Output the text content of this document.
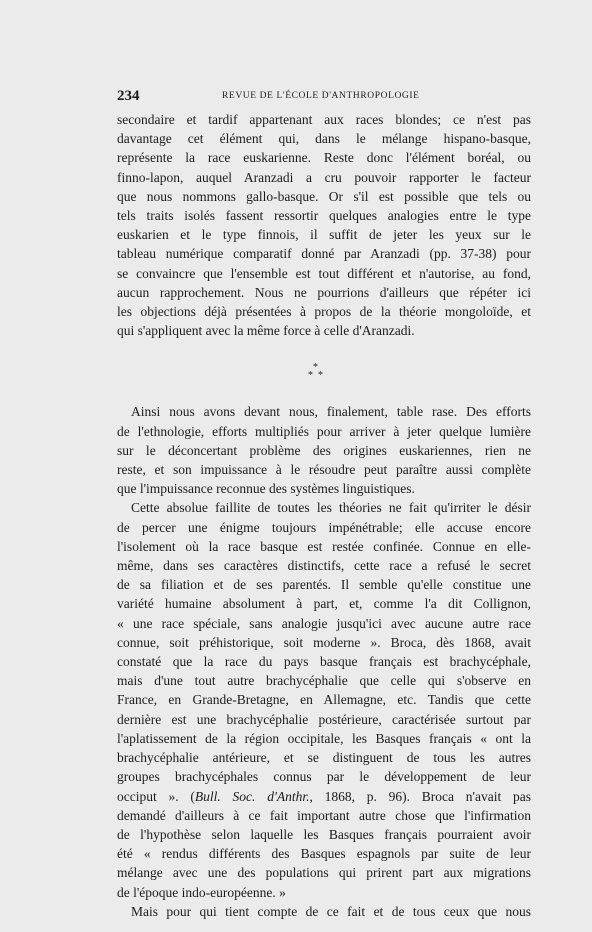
234	REVUE DE L'ÉCOLE D'ANTHROPOLOGIE
secondaire et tardif appartenant aux races blondes; ce n'est pas
davantage cet élément qui, dans le mélange hispano-basque,
représente la race euskarienne. Reste donc l'élément boréal, ou
finno-lapon, auquel Aranzadi a cru pouvoir rapporter le facteur
que nous nommons gallo-basque. Or s'il est possible que tels ou
tels traits isolés fassent ressortir quelques analogies entre le type
euskarien et le type finnois, il suffit de jeter les yeux sur le
tableau numérique comparatif donné par Aranzadi (pp. 37-38) pour
se convaincre que l'ensemble est tout différent et n'autorise, au fond,
aucun rapprochement. Nous ne pourrions d'ailleurs que répéter ici
les objections déjà présentées à propos de la théorie mongoloïde, et
qui s'appliquent avec la même force à celle d'Aranzadi.
*
* *
Ainsi nous avons devant nous, finalement, table rase. Des efforts
de l'ethnologie, efforts multipliés pour arriver à jeter quelque lumière
sur le déconcertant problème des origines euskariennes, rien ne
reste, et son impuissance à le résoudre peut paraître aussi complète
que l'impuissance reconnue des systèmes linguistiques.
Cette absolue faillite de toutes les théories ne fait qu'irriter le désir
de percer une énigme toujours impénétrable; elle accuse encore
l'isolement où la race basque est restée confinée. Connue en elle-
même, dans ses caractères distinctifs, cette race a refusé le secret
de sa filiation et de ses parentés. Il semble qu'elle constitue une
variété humaine absolument à part, et, comme l'a dit Collignon,
« une race spéciale, sans analogie jusqu'ici avec aucune autre race
connue, soit préhistorique, soit moderne ». Broca, dès 1868, avait
constaté que la race du pays basque français est brachycéphale,
mais d'une tout autre brachycéphalie que celle qui s'observe en
France, en Grande-Bretagne, en Allemagne, etc. Tandis que cette
dernière est une brachycéphalie postérieure, caractérisée surtout par
l'aplatissement de la région occipitale, les Basques français « ont la
brachycéphalie antérieure, et se distinguent de tous les autres
groupes brachycéphales connus par le développement de leur
occiput ». (Bull. Soc. d'Anthr., 1868, p. 96). Broca n'avait pas
demandé d'ailleurs à ce fait important autre chose que l'infirmation
de l'hypothèse selon laquelle les Basques français pourraient avoir
été « rendus différents des Basques espagnols par suite de leur
mélange avec une des populations qui prirent part aux migrations
de l'époque indo-européenne. »
Mais pour qui tient compte de ce fait et de tous ceux que nous
